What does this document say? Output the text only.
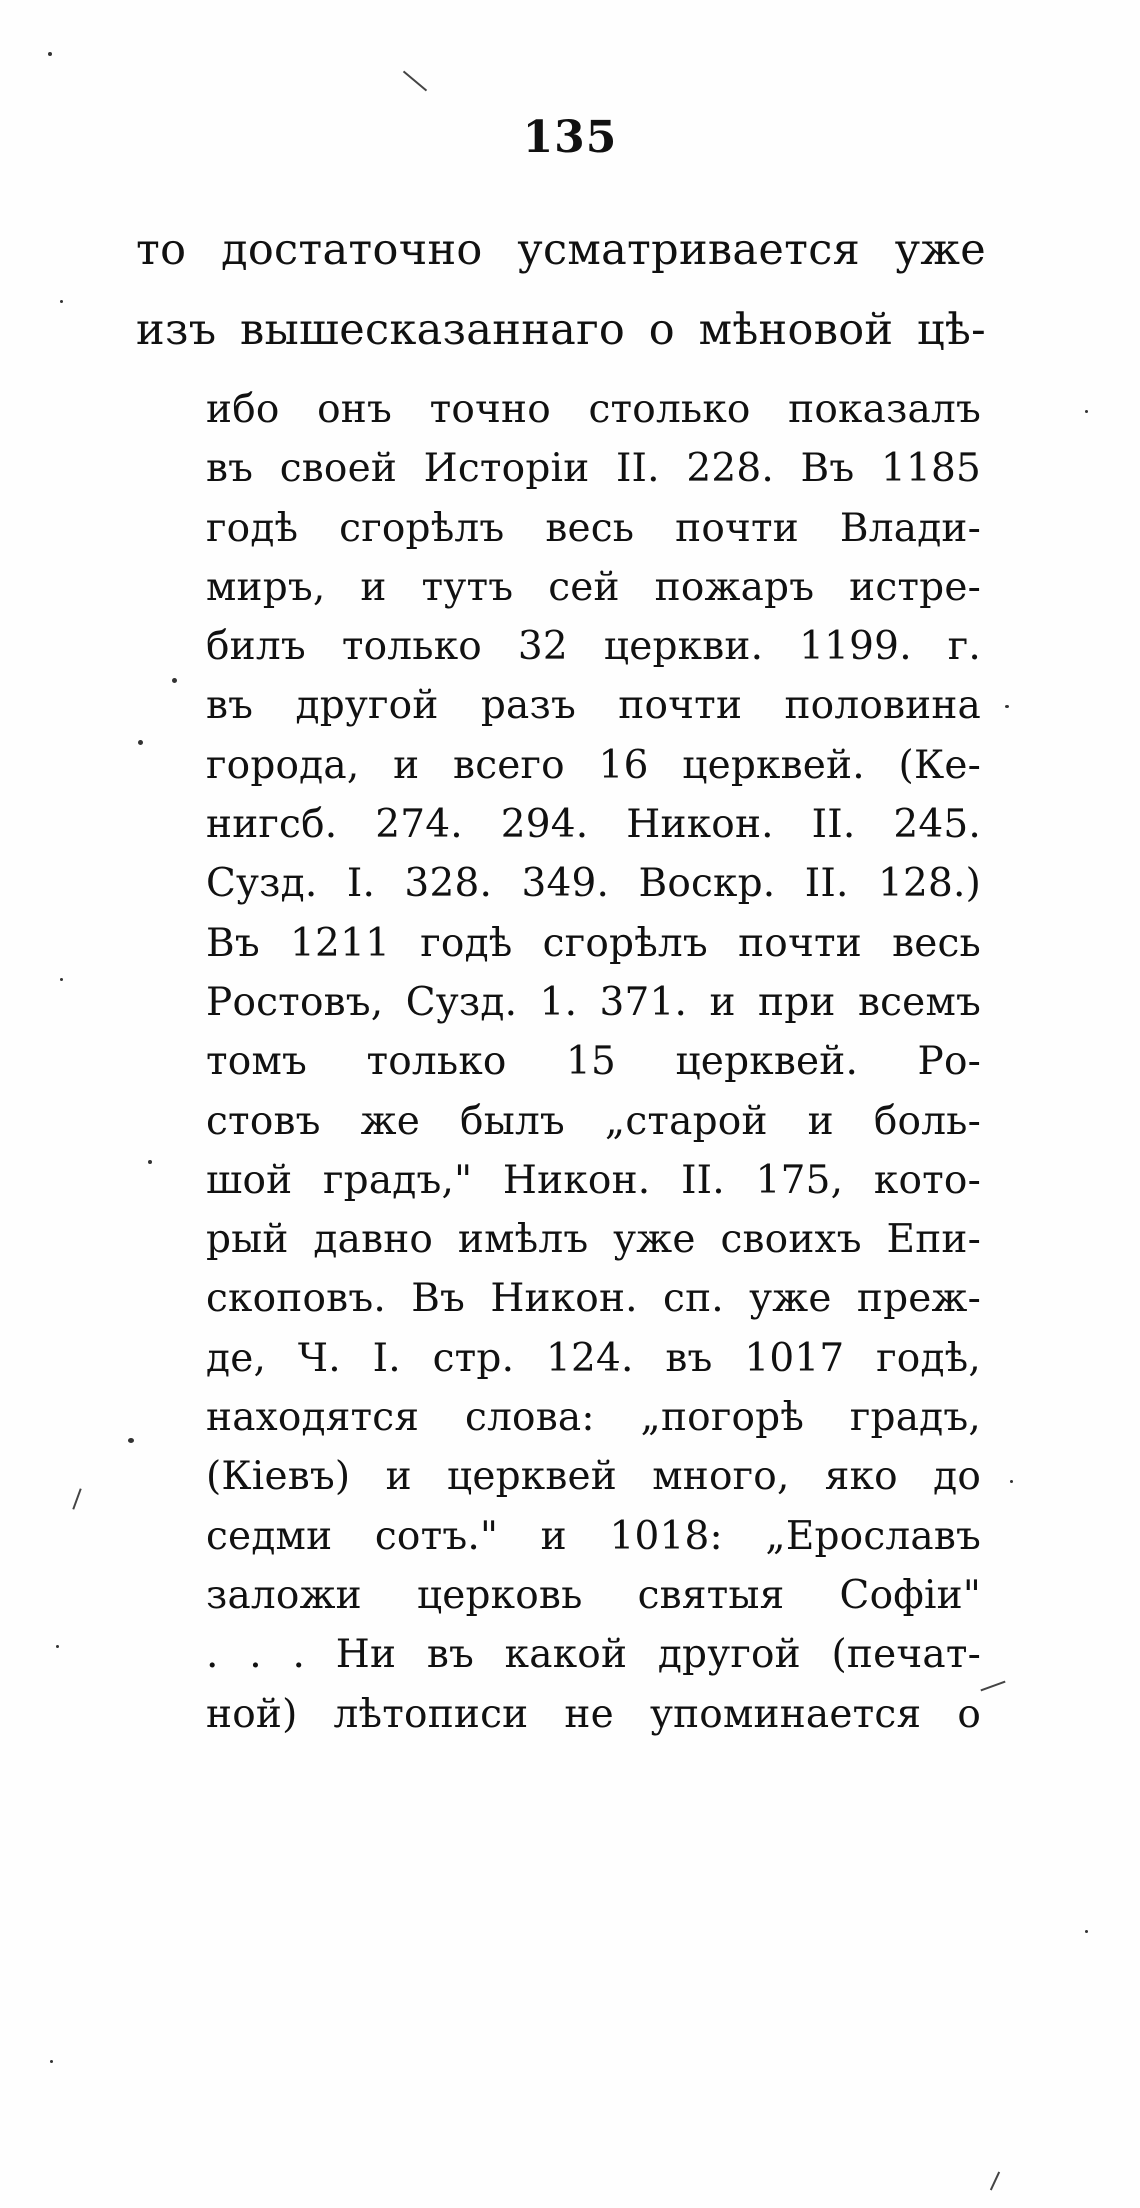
135
то достаточно усматривается уже
изъ вышесказаннаго о мѣновой цѣ-
ибо онъ точно столько показалъ
въ своей Исторіи II. 228. Въ 1185
годѣ сгорѣлъ весь почти Влади-
миръ, и тутъ сей пожаръ истре-
билъ только 32 церкви. 1199. г.
въ другой разъ почти половина
города, и всего 16 церквей. (Ке-
нигсб. 274. 294. Никон. II. 245.
Сузд. I. 328. 349. Воскр. II. 128.)
Въ 1211 годѣ сгорѣлъ почти весь
Ростовъ, Сузд. 1. 371. и при всемъ
томъ только 15 церквей. Ро-
стовъ же былъ „старой и боль-
шой градъ," Никон. II. 175, кото-
рый давно имѣлъ уже своихъ Епи-
скоповъ. Въ Никон. сп. уже преж-
де, Ч. I. стр. 124. въ 1017 годѣ,
находятся слова: „погорѣ градъ,
(Кіевъ) и церквей много, яко до
седми сотъ." и 1018: „Ерославъ
заложи церковь святыя Софіи"
. . . Ни въ какой другой (печат-
ной) лѣтописи не упоминается о
